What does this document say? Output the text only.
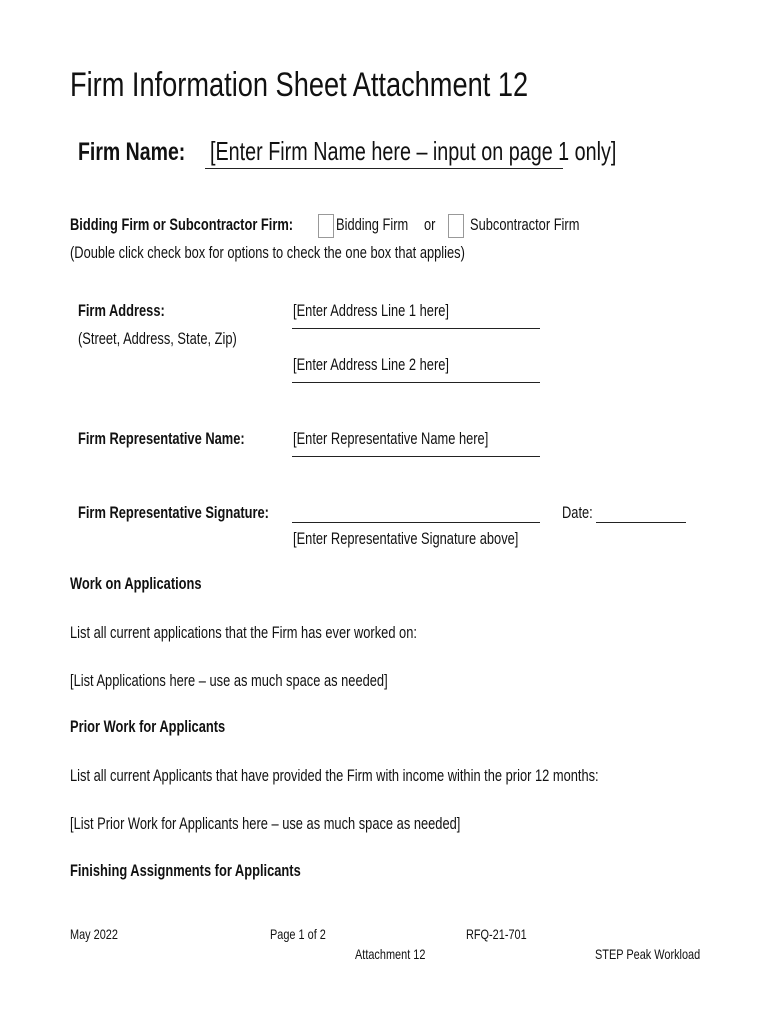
Firm Information Sheet Attachment 12
Firm Name: [Enter Firm Name here – input on page 1 only]
Bidding Firm or Subcontractor Firm:	Bidding Firm or Subcontractor Firm
(Double click check box for options to check the one box that applies)
Firm Address:
(Street, Address, State, Zip)
[Enter Address Line 1 here]
[Enter Address Line 2 here]
Firm Representative Name:	[Enter Representative Name here]
Firm Representative Signature:
[Enter Representative Signature above]
Date:
Work on Applications
List all current applications that the Firm has ever worked on:
[List Applications here – use as much space as needed]
Prior Work for Applicants
List all current Applicants that have provided the Firm with income within the prior 12 months:
[List Prior Work for Applicants here – use as much space as needed]
Finishing Assignments for Applicants
May 2022	Page 1 of 2	RFQ-21-701
Attachment 12	STEP Peak Workload
